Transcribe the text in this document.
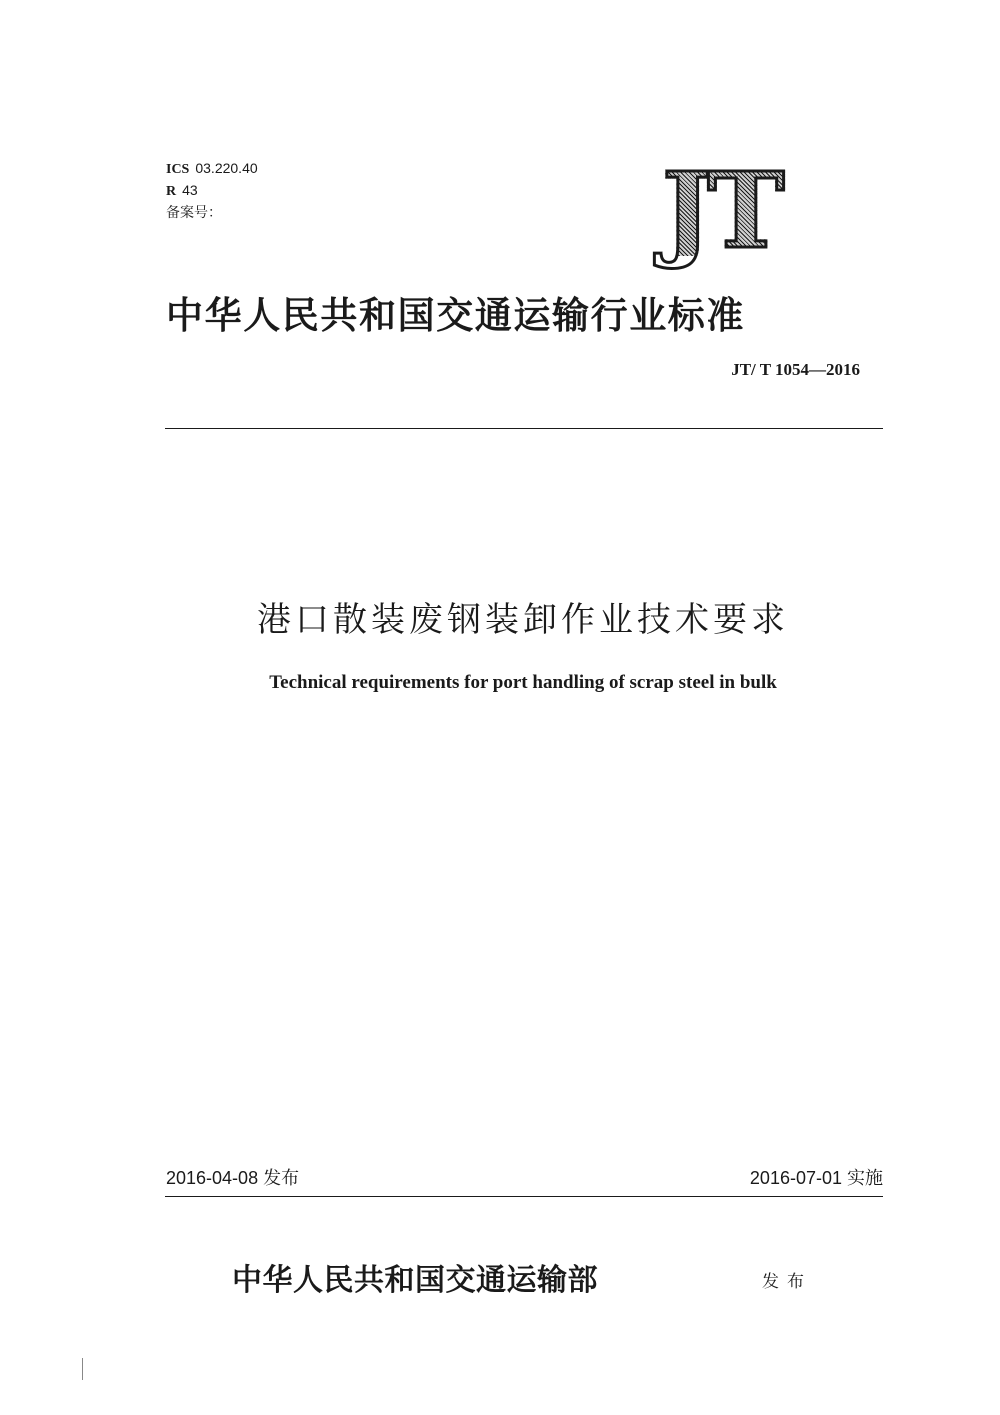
ICS 03.220.40
R 43
备案号：	JT
中华人民共和国交通运输行业标准
JT/ T 1054—2016
港口散装废钢装卸作业技术要求
Technical requirements for port handling of scrap steel in bulk
2016-04-08 发布	2016-07-01 实施
中华人民共和国交通运输部	发布
